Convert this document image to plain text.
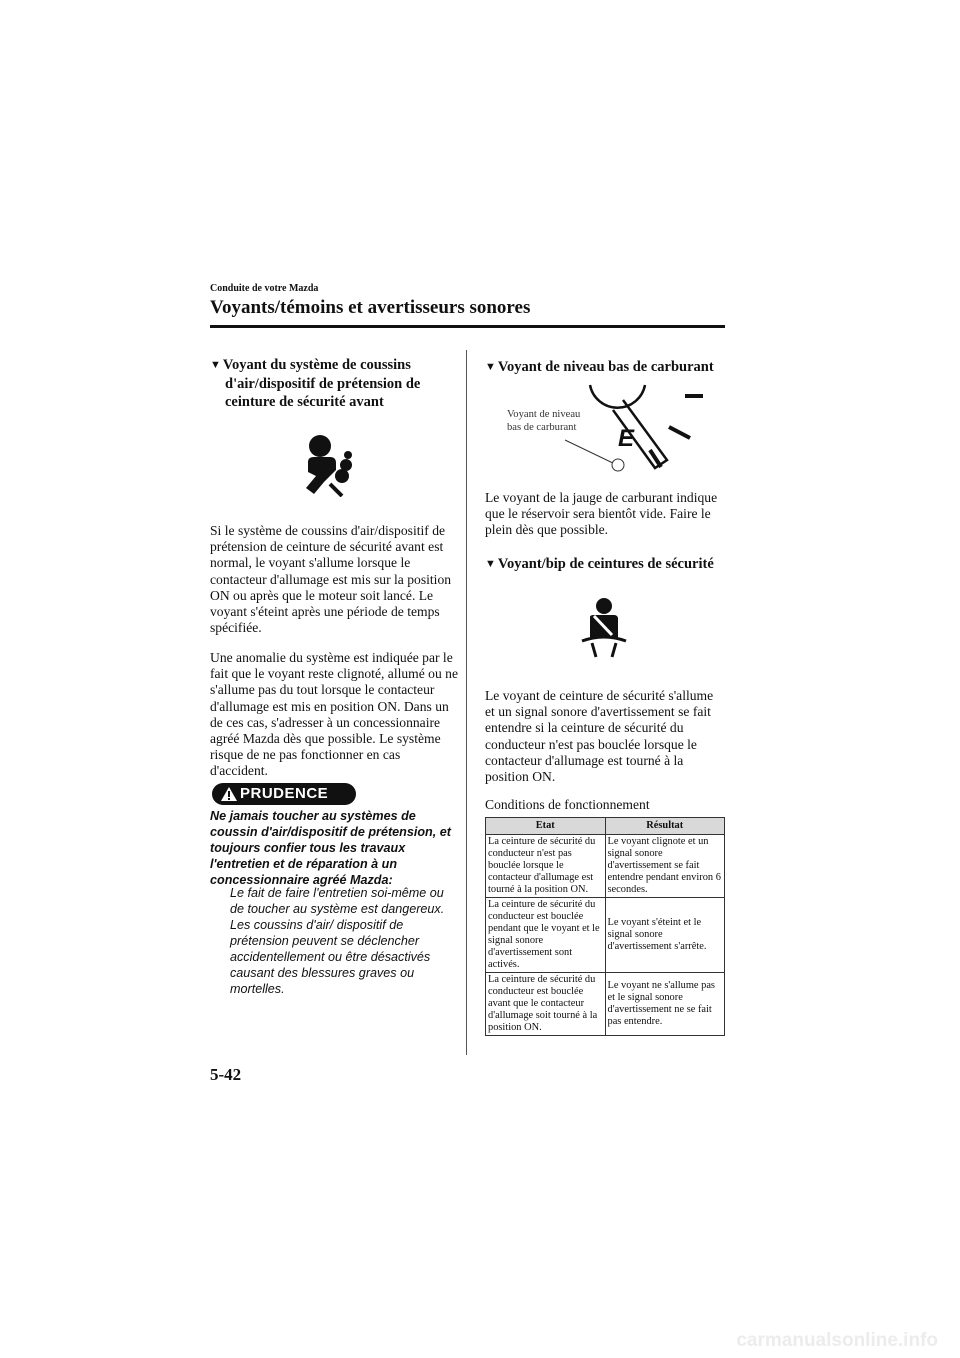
Conduite de votre Mazda
Voyants/témoins et avertisseurs sonores
▼ Voyant du système de coussins
d'air/dispositif de prétension de
ceinture de sécurité avant
Si le système de coussins d'air/dispositif de prétension de ceinture de sécurité avant est normal, le voyant s'allume lorsque le contacteur d'allumage est mis sur la position ON ou après que le moteur soit lancé. Le voyant s'éteint après une période de temps spécifiée.
Une anomalie du système est indiquée par le fait que le voyant reste clignoté, allumé ou ne s'allume pas du tout lorsque le contacteur d'allumage est mis en position ON. Dans un de ces cas, s'adresser à un concessionnaire agréé Mazda dès que possible. Le système risque de ne pas fonctionner en cas d'accident.
PRUDENCE
Ne jamais toucher au systèmes de coussin d'air/dispositif de prétension, et toujours confier tous les travaux l'entretien et de réparation à un concessionnaire agréé Mazda:
Le fait de faire l'entretien soi-même ou de toucher au système est dangereux. Les coussins d'air/ dispositif de prétension peuvent se déclencher accidentellement ou être désactivés causant des blessures graves ou mortelles.
▼ Voyant de niveau bas de carburant
Voyant de niveau
bas de carburant	E
Le voyant de la jauge de carburant indique que le réservoir sera bientôt vide. Faire le plein dès que possible.
▼ Voyant/bip de ceintures de sécurité
Le voyant de ceinture de sécurité s'allume et un signal sonore d'avertissement se fait entendre si la ceinture de sécurité du conducteur n'est pas bouclée lorsque le contacteur d'allumage est tourné à la position ON.
Conditions de fonctionnement
Etat	Résultat
La ceinture de sécurité du conducteur n'est pas bouclée lorsque le contacteur d'allumage est tourné à la position ON.	Le voyant clignote et un signal sonore d'avertissement se fait entendre pendant environ 6 secondes.
La ceinture de sécurité du conducteur est bouclée pendant que le voyant et le signal sonore d'avertissement sont activés.	Le voyant s'éteint et le signal sonore d'avertissement s'arrête.
La ceinture de sécurité du conducteur est bouclée avant que le contacteur d'allumage soit tourné à la position ON.	Le voyant ne s'allume pas et le signal sonore d'avertissement ne se fait pas entendre.
5-42
carmanualsonline.info
